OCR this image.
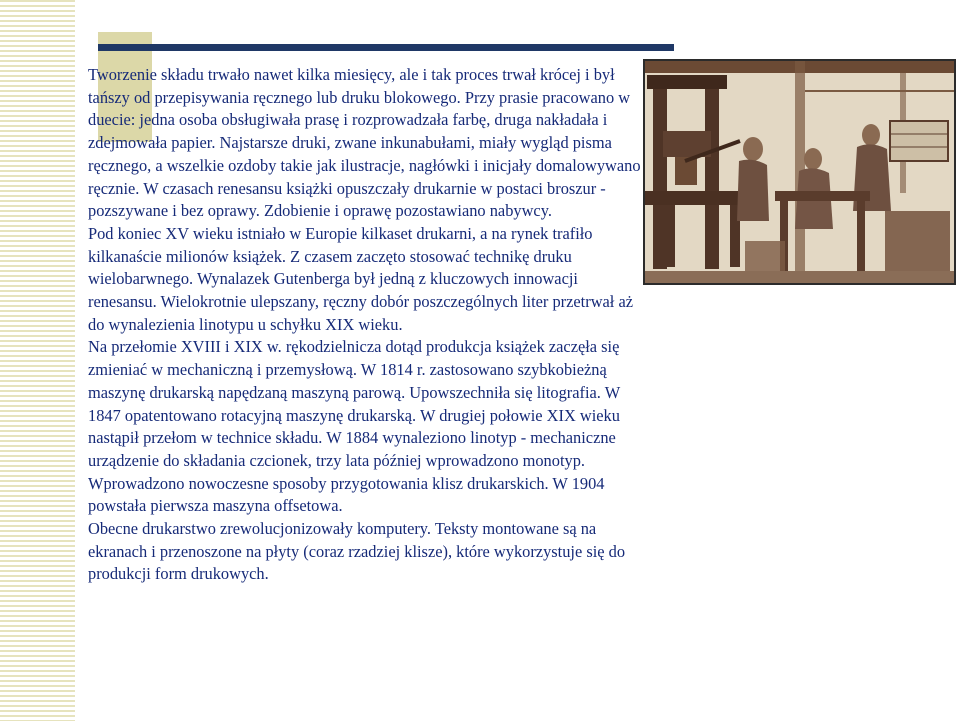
Tworzenie składu trwało nawet kilka miesięcy, ale i tak proces trwał krócej i był tańszy od przepisywania ręcznego lub druku blokowego. Przy prasie pracowano w duecie: jedna osoba obsługiwała prasę i rozprowadzała farbę, druga nakładała i zdejmowała papier. Najstarsze druki, zwane inkunabułami, miały wygląd pisma ręcznego, a wszelkie ozdoby takie jak ilustracje, nagłówki i inicjały domalowywano ręcznie. W czasach renesansu książki opuszczały drukarnie w postaci broszur - pozszywane i bez oprawy. Zdobienie i oprawę pozostawiano nabywcy.

Pod koniec XV wieku istniało w Europie kilkaset drukarni, a na rynek trafiło kilkanaście milionów książek. Z czasem zaczęto stosować technikę druku wielobarwnego. Wynalazek Gutenberga był jedną z kluczowych innowacji renesansu. Wielokrotnie ulepszany, ręczny dobór poszczególnych liter przetrwał aż do wynalezienia linotypu u schyłku XIX wieku.

Na przełomie XVIII i XIX w. rękodzielnicza dotąd produkcja książek zaczęła się zmieniać w mechaniczną i przemysłową. W 1814 r. zastosowano szybkobieżną maszynę drukarską napędzaną maszyną parową. Upowszechniła się litografia. W 1847 opatentowano rotacyjną maszynę drukarską. W drugiej połowie XIX wieku nastąpił przełom w technice składu. W 1884 wynaleziono linotyp - mechaniczne urządzenie do składania czcionek, trzy lata później wprowadzono monotyp. Wprowadzono nowoczesne sposoby przygotowania klisz drukarskich. W 1904 powstała pierwsza maszyna offsetowa.

Obecne drukarstwo zrewolucjonizowały komputery. Teksty montowane są na ekranach i przenoszone na płyty (coraz rzadziej klisze), które wykorzystuje się do produkcji form drukowych.
